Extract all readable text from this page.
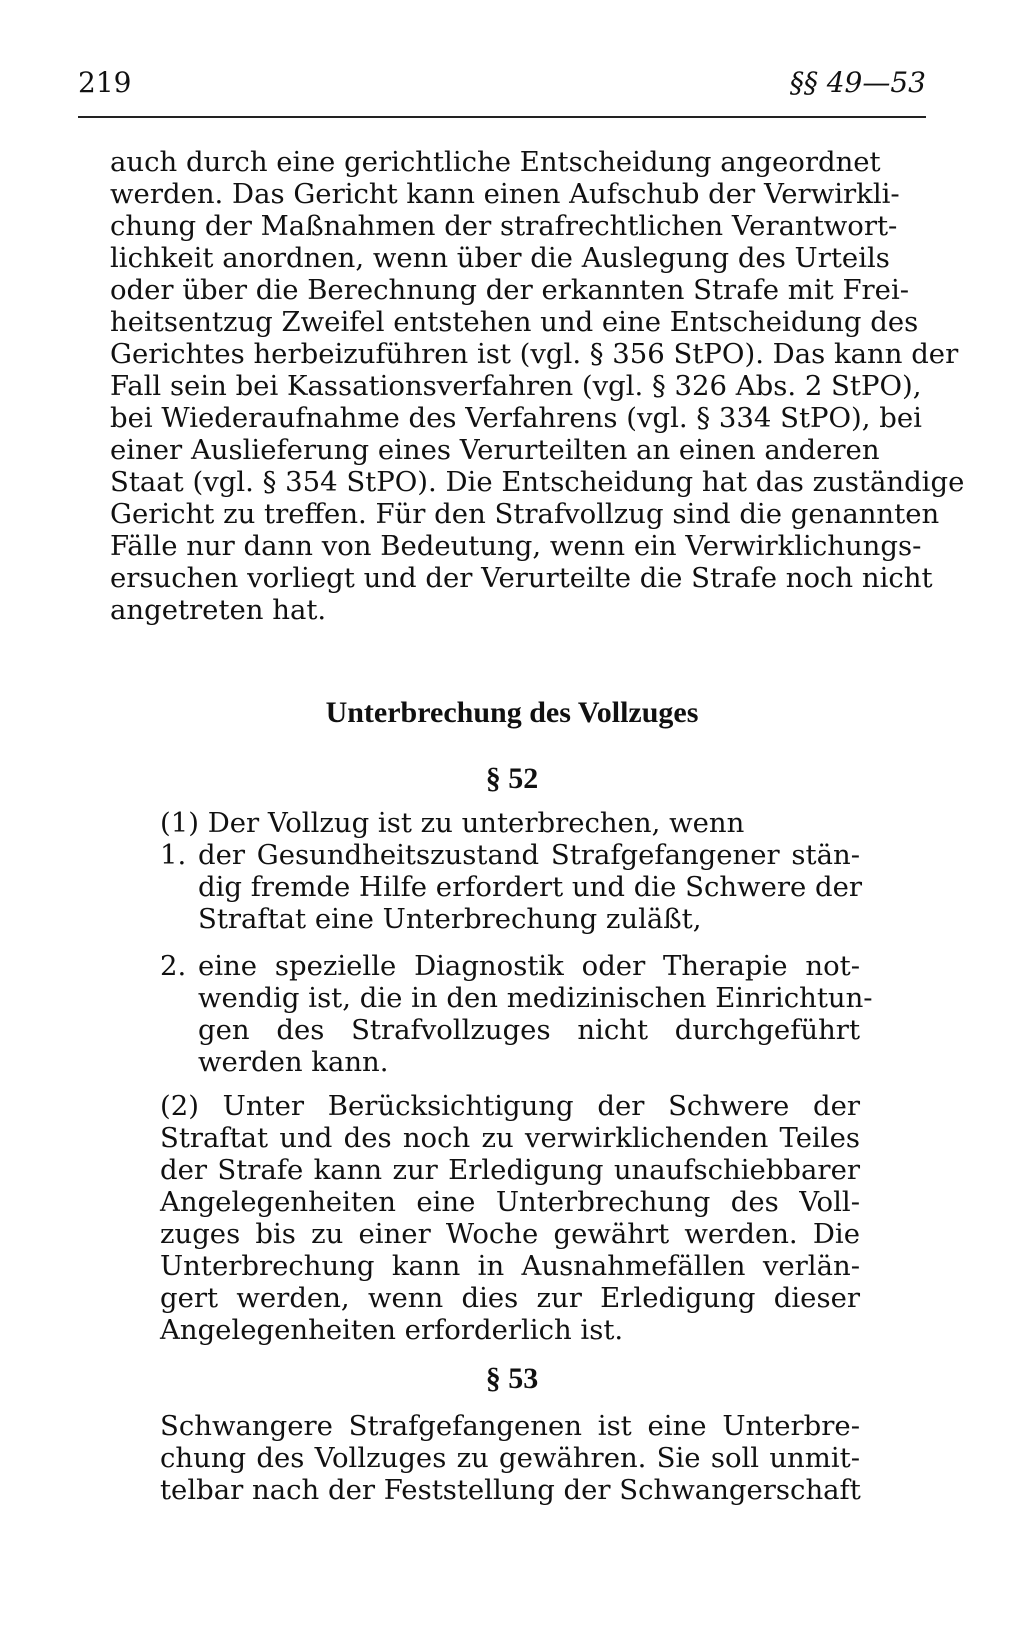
219	§§ 49—53
auch durch eine gerichtliche Entscheidung angeordnet
werden. Das Gericht kann einen Aufschub der Verwirkli-
chung der Maßnahmen der strafrechtlichen Verantwort-
lichkeit anordnen, wenn über die Auslegung des Urteils
oder über die Berechnung der erkannten Strafe mit Frei-
heitsentzug Zweifel entstehen und eine Entscheidung des
Gerichtes herbeizuführen ist (vgl. § 356 StPO). Das kann der
Fall sein bei Kassationsverfahren (vgl. § 326 Abs. 2 StPO),
bei Wiederaufnahme des Verfahrens (vgl. § 334 StPO), bei
einer Auslieferung eines Verurteilten an einen anderen
Staat (vgl. § 354 StPO). Die Entscheidung hat das zuständige
Gericht zu treffen. Für den Strafvollzug sind die genannten
Fälle nur dann von Bedeutung, wenn ein Verwirklichungs-
ersuchen vorliegt und der Verurteilte die Strafe noch nicht
angetreten hat.
Unterbrechung des Vollzuges
§ 52
(1) Der Vollzug ist zu unterbrechen, wenn
1. der Gesundheitszustand Strafgefangener stän-
dig fremde Hilfe erfordert und die Schwere der
Straftat eine Unterbrechung zuläßt,
2. eine spezielle Diagnostik oder Therapie not-
wendig ist, die in den medizinischen Einrichtun-
gen des Strafvollzuges nicht durchgeführt
werden kann.
(2) Unter Berücksichtigung der Schwere der
Straftat und des noch zu verwirklichenden Teiles
der Strafe kann zur Erledigung unaufschiebbarer
Angelegenheiten eine Unterbrechung des Voll-
zuges bis zu einer Woche gewährt werden. Die
Unterbrechung kann in Ausnahmefällen verlän-
gert werden, wenn dies zur Erledigung dieser
Angelegenheiten erforderlich ist.
§ 53
Schwangere Strafgefangenen ist eine Unterbre-
chung des Vollzuges zu gewähren. Sie soll unmit-
telbar nach der Feststellung der Schwangerschaft
